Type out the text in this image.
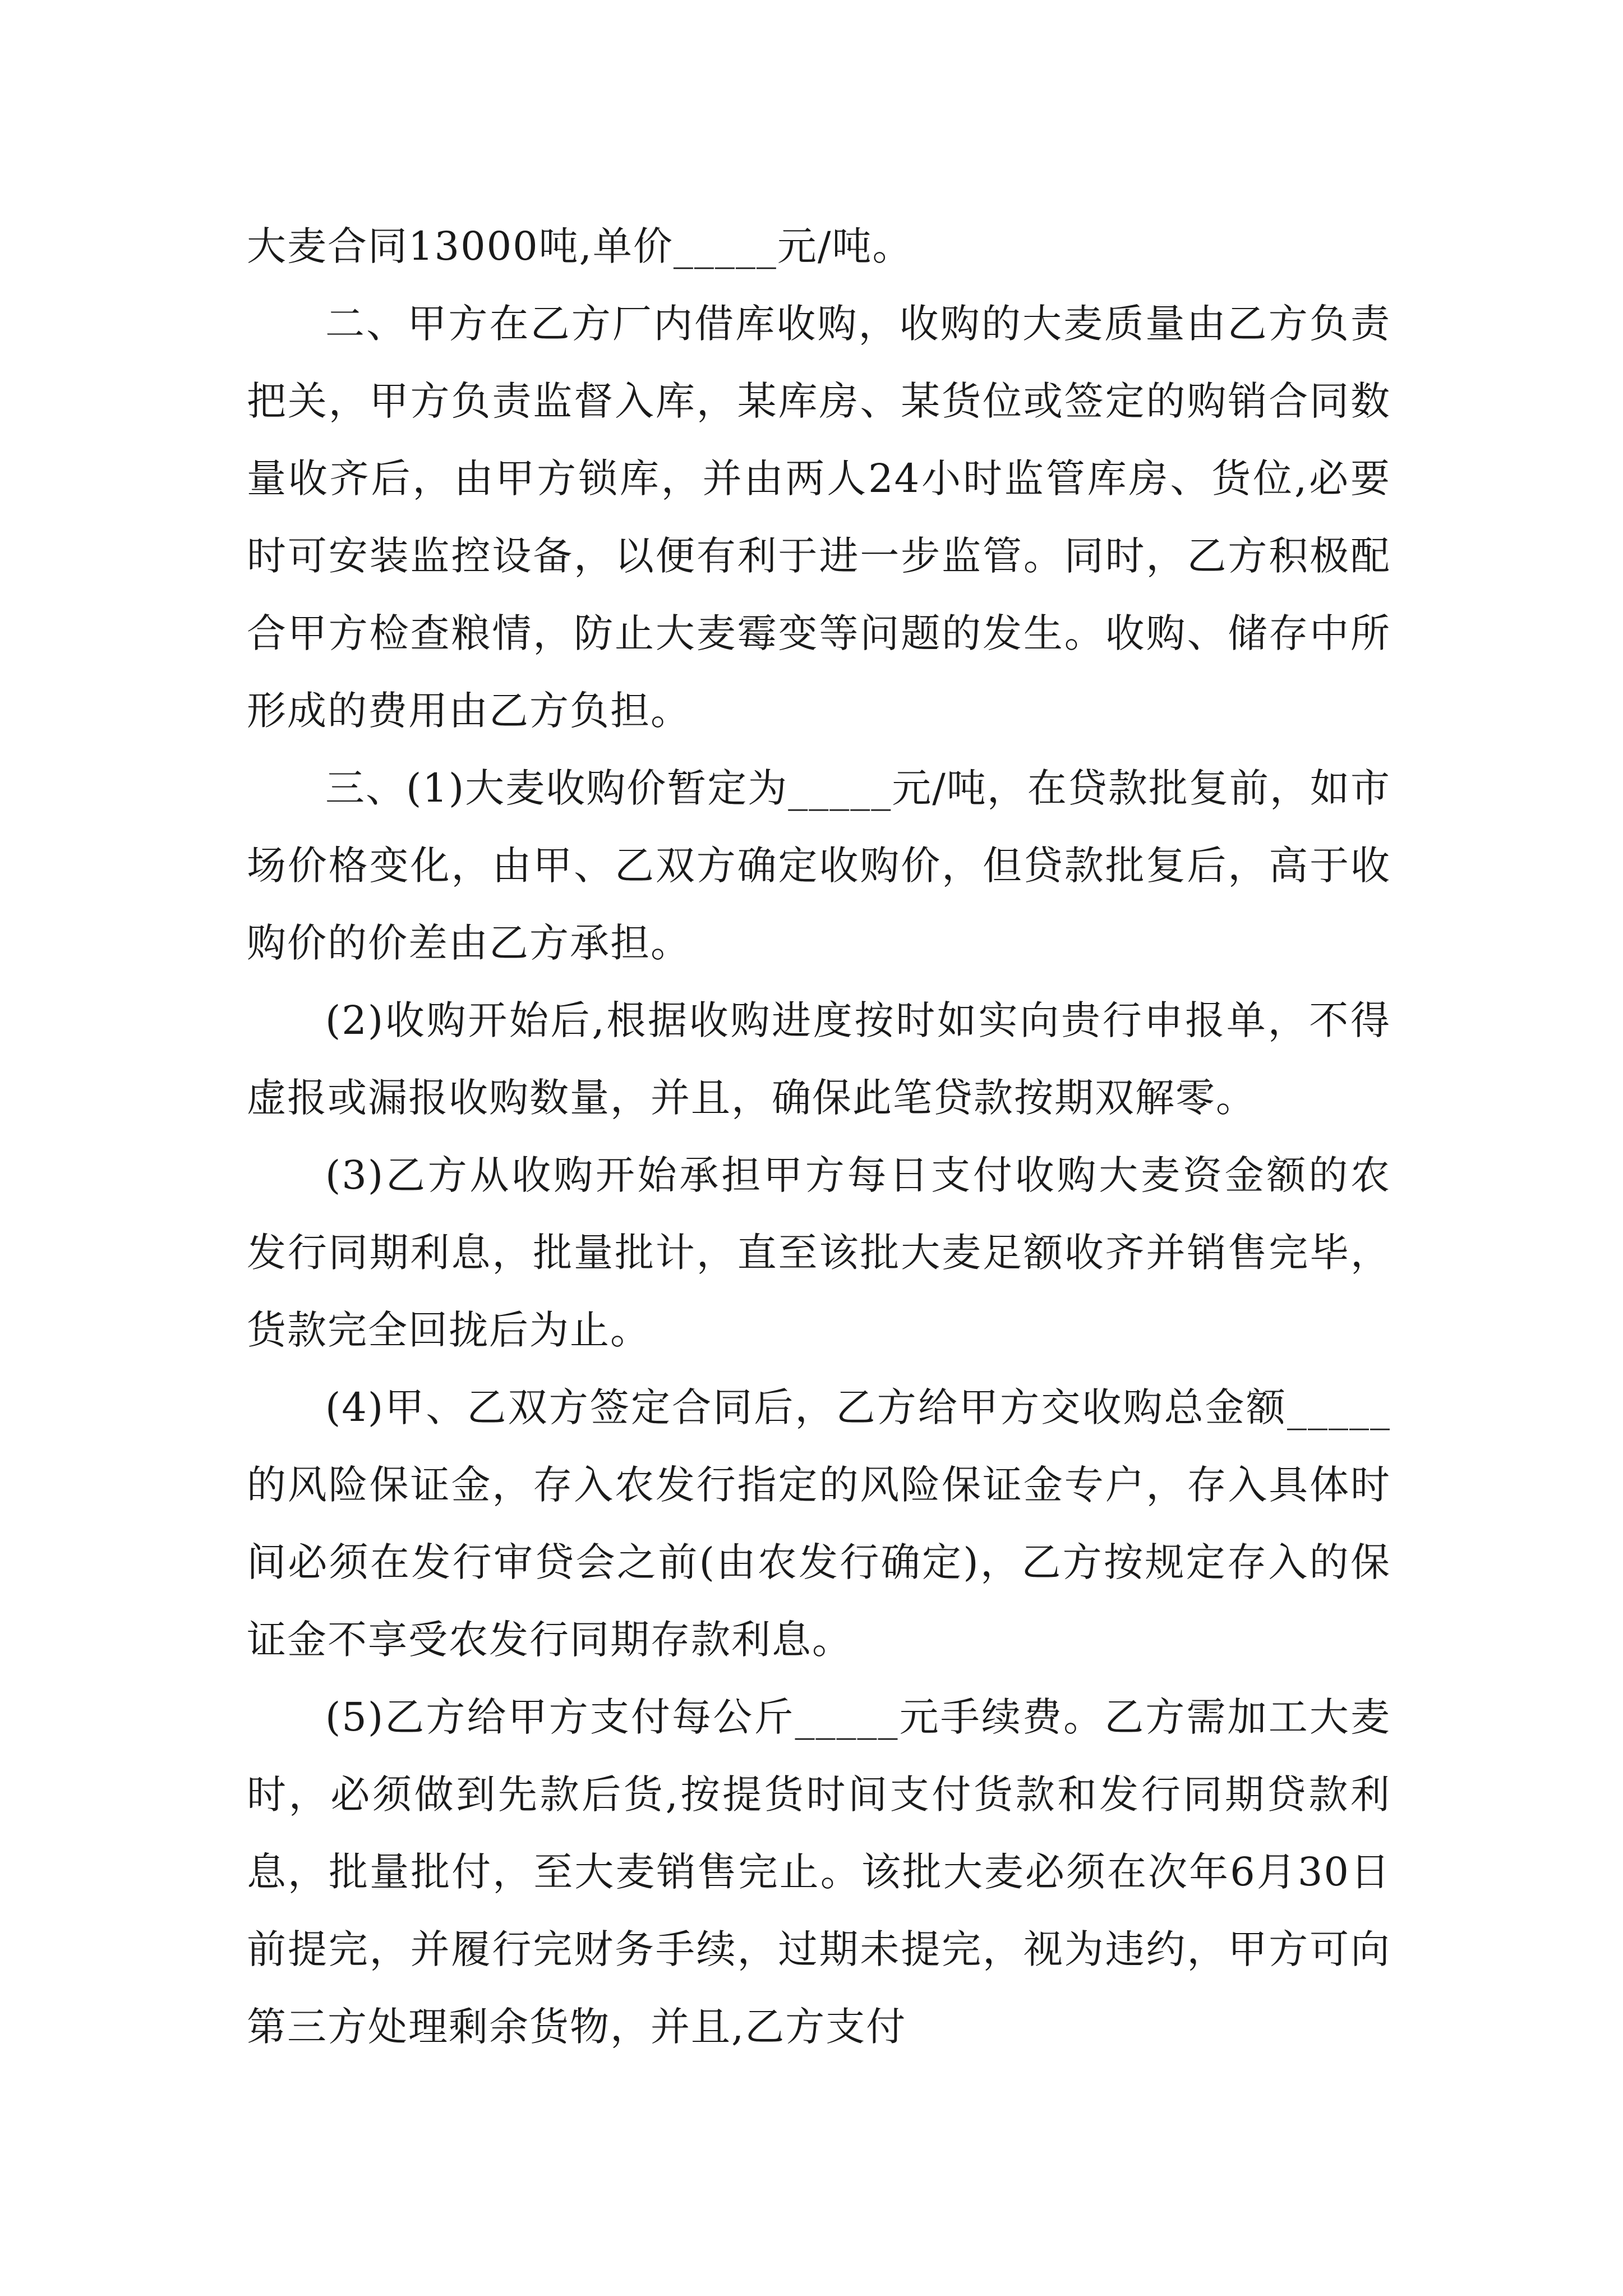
大麦合同13000吨,单价_____元/吨。

二、甲方在乙方厂内借库收购，收购的大麦质量由乙方负责把关，甲方负责监督入库，某库房、某货位或签定的购销合同数量收齐后，由甲方锁库，并由两人24小时监管库房、货位,必要时可安装监控设备，以便有利于进一步监管。同时，乙方积极配合甲方检查粮情，防止大麦霉变等问题的发生。收购、储存中所形成的费用由乙方负担。

三、(1)大麦收购价暂定为_____元/吨，在贷款批复前，如市场价格变化，由甲、乙双方确定收购价，但贷款批复后，高于收购价的价差由乙方承担。

(2)收购开始后,根据收购进度按时如实向贵行申报单，不得虚报或漏报收购数量，并且，确保此笔贷款按期双解零。

(3)乙方从收购开始承担甲方每日支付收购大麦资金额的农发行同期利息，批量批计，直至该批大麦足额收齐并销售完毕，货款完全回拢后为止。

(4)甲、乙双方签定合同后，乙方给甲方交收购总金额_____的风险保证金，存入农发行指定的风险保证金专户，存入具体时间必须在发行审贷会之前(由农发行确定)，乙方按规定存入的保证金不享受农发行同期存款利息。

(5)乙方给甲方支付每公斤_____元手续费。乙方需加工大麦时，必须做到先款后货,按提货时间支付货款和发行同期贷款利息，批量批付，至大麦销售完止。该批大麦必须在次年6月30日前提完，并履行完财务手续，过期未提完，视为违约，甲方可向第三方处理剩余货物，并且,乙方支付
